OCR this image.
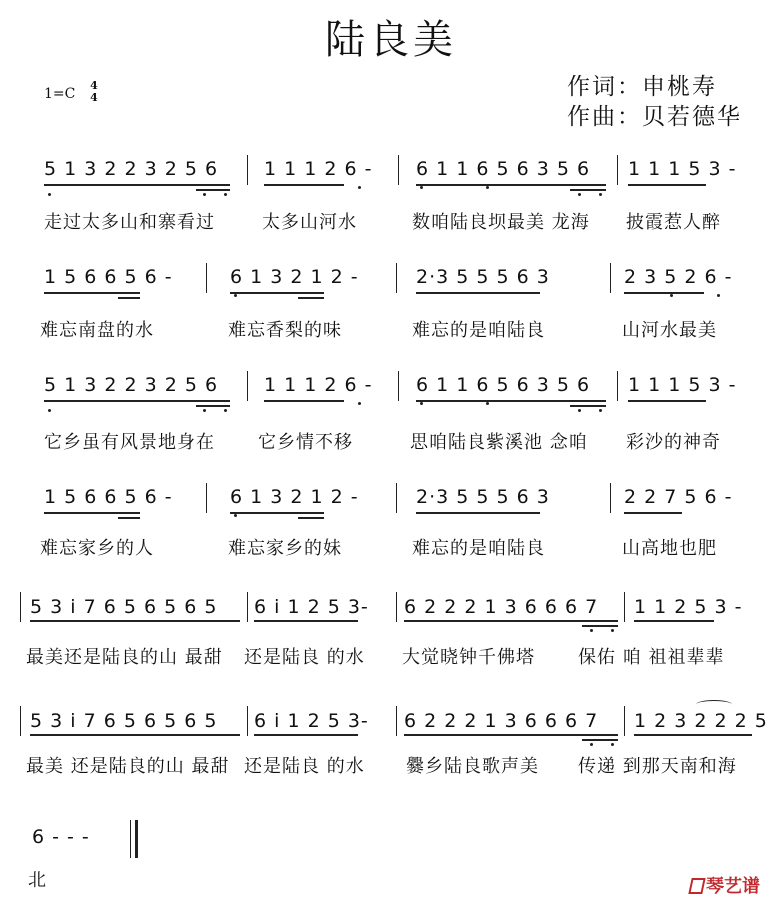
陆良美
作词：申桃寿
作曲：贝若德华
1=C
4
4
5 1 3 2 2 3 2 5 6 1 1 1 2 6 - 6 1 1 6 5 6 3 5 6 1 1 1 5 3 -
走过太多山和寨看过	太多山河水	数咱陆良坝最美 龙海 披霞惹人醉
1 5 6 6 5 6 -	6 1 3 2 1 2 -	2·3 5 5 5 6 3	2 3 5 2 6 -
难忘南盘的水	难忘香梨的味	难忘的是咱陆良	山河水最美
5 1 3 2 2 3 2 5 6 1 1 1 2 6 - 6 1 1 6 5 6 3 5 6 1 1 1 5 3 -
它乡虽有风景地身在 它乡情不移	思咱陆良紫溪池 念咱 彩沙的神奇
1 5 6 6 5 6 -	6 1 3 2 1 2 -	2·3 5 5 5 6 3	2 2 7 5 6 -
难忘家乡的人	难忘家乡的妹	难忘的是咱陆良	山高地也肥
5 3 i 7 6 5 6 5 6 5 6 i 1 2 5 3- 6 2 2 2 1 3 6 6 6 7 1 1 2 5 3 -
最美还是陆良的山 最甜 还是陆良 的水 大觉晓钟千佛塔 保佑 咱 祖祖辈辈
5 3 i 7 6 5 6 5 6 5 6 i 1 2 5 3- 6 2 2 2 1 3 6 6 6 7 1 2 3 2 2 2 5
最美 还是陆良的山 最甜 还是陆良 的水 爨乡陆良歌声美 传递 到那天南和海
6 - - -
北	琴艺谱
